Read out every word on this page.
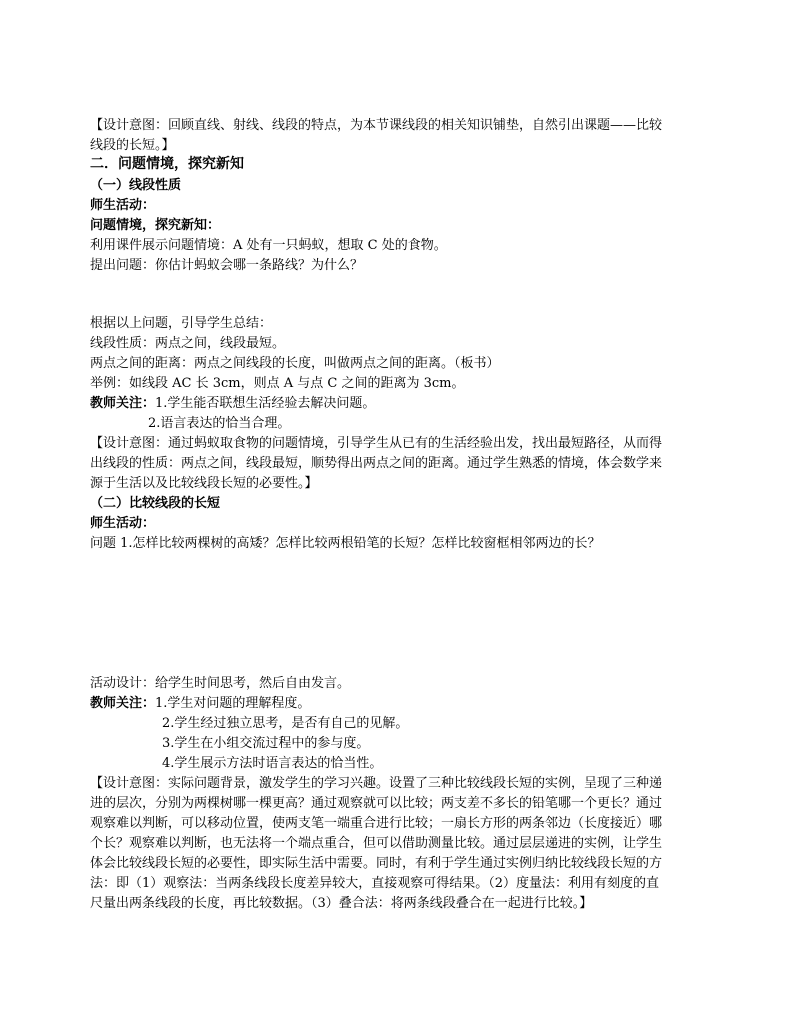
【设计意图：回顾直线、射线、线段的特点，为本节课线段的相关知识铺垫，自然引出课题——比较
线段的长短。】
二．问题情境，探究新知
（一）线段性质
师生活动：
问题情境，探究新知：
利用课件展示问题情境：A 处有一只蚂蚁，想取 C 处的食物。
提出问题：你估计蚂蚁会哪一条路线？为什么？
根据以上问题，引导学生总结：
线段性质：两点之间，线段最短。
两点之间的距离：两点之间线段的长度，叫做两点之间的距离。（板书）
举例：如线段 AC 长 3cm，则点 A 与点 C 之间的距离为 3cm。
教师关注：1.学生能否联想生活经验去解决问题。
2.语言表达的恰当合理。
【设计意图：通过蚂蚁取食物的问题情境，引导学生从已有的生活经验出发，找出最短路径，从而得
出线段的性质：两点之间，线段最短，顺势得出两点之间的距离。通过学生熟悉的情境，体会数学来
源于生活以及比较线段长短的必要性。】
（二）比较线段的长短
师生活动：
问题 1.怎样比较两棵树的高矮？怎样比较两根铅笔的长短？怎样比较窗框相邻两边的长？
活动设计：给学生时间思考，然后自由发言。
教师关注：1.学生对问题的理解程度。
2.学生经过独立思考，是否有自己的见解。
3.学生在小组交流过程中的参与度。
4.学生展示方法时语言表达的恰当性。
【设计意图：实际问题背景，激发学生的学习兴趣。设置了三种比较线段长短的实例，呈现了三种递
进的层次，分别为两棵树哪一棵更高？通过观察就可以比较；两支差不多长的铅笔哪一个更长？通过
观察难以判断，可以移动位置，使两支笔一端重合进行比较；一扇长方形的两条邻边（长度接近）哪
个长？观察难以判断，也无法将一个端点重合，但可以借助测量比较。通过层层递进的实例，让学生
体会比较线段长短的必要性，即实际生活中需要。同时，有利于学生通过实例归纳比较线段长短的方
法：即（1）观察法：当两条线段长度差异较大，直接观察可得结果。（2）度量法：利用有刻度的直
尺量出两条线段的长度，再比较数据。（3）叠合法：将两条线段叠合在一起进行比较。】
